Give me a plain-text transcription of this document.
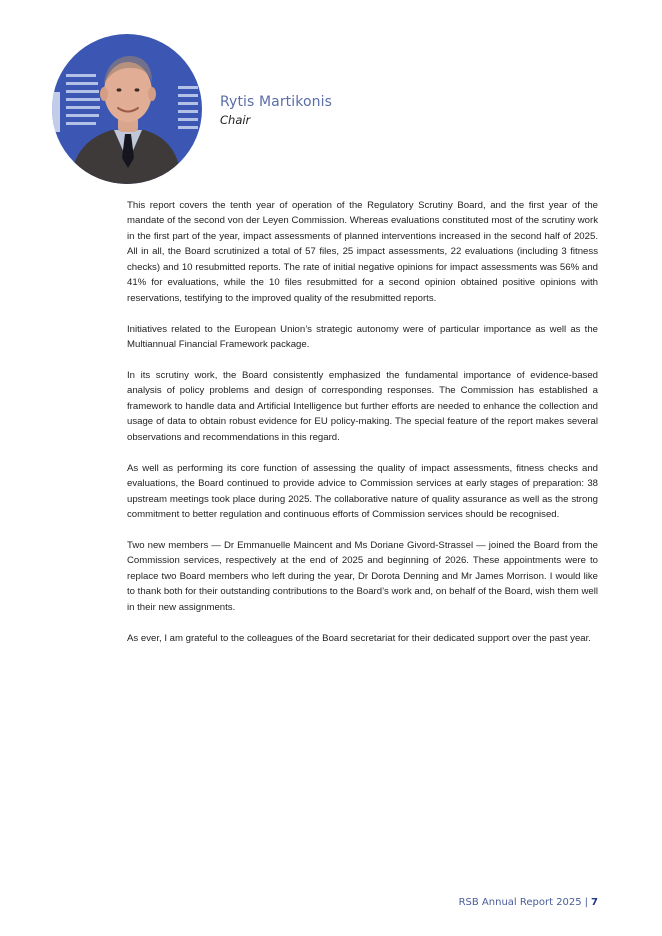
Rytis Martikonis
Chair

This report covers the tenth year of operation of the Regulatory Scrutiny Board, and the first year of the mandate of the second von der Leyen Commission. Whereas evaluations constituted most of the scrutiny work in the first part of the year, impact assessments of planned interventions increased in the second half of 2025. All in all, the Board scrutinized a total of 57 files, 25 impact assessments, 22 evaluations (including 3 fitness checks) and 10 resubmitted reports. The rate of initial negative opinions for impact assessments was 56% and 41% for evaluations, while the 10 files resubmitted for a second opinion obtained positive opinions with reservations, testifying to the improved quality of the resubmitted reports.

Initiatives related to the European Union’s strategic autonomy were of particular importance as well as the Multiannual Financial Framework package.

In its scrutiny work, the Board consistently emphasized the fundamental importance of evidence-based analysis of policy problems and design of corresponding responses. The Commission has established a framework to handle data and Artificial Intelligence but further efforts are needed to enhance the collection and usage of data to obtain robust evidence for EU policy-making. The special feature of the report makes several observations and recommendations in this regard.

As well as performing its core function of assessing the quality of impact assessments, fitness checks and evaluations, the Board continued to provide advice to Commission services at early stages of preparation: 38 upstream meetings took place during 2025. The collaborative nature of quality assurance as well as the strong commitment to better regulation and continuous efforts of Commission services should be recognised.

Two new members — Dr Emmanuelle Maincent and Ms Doriane Givord-Strassel — joined the Board from the Commission services, respectively at the end of 2025 and beginning of 2026. These appointments were to replace two Board members who left during the year, Dr Dorota Denning and Mr James Morrison. I would like to thank both for their outstanding contributions to the Board’s work and, on behalf of the Board, wish them well in their new assignments.

As ever, I am grateful to the colleagues of the Board secretariat for their dedicated support over the past year.

RSB Annual Report 2025 | 7
